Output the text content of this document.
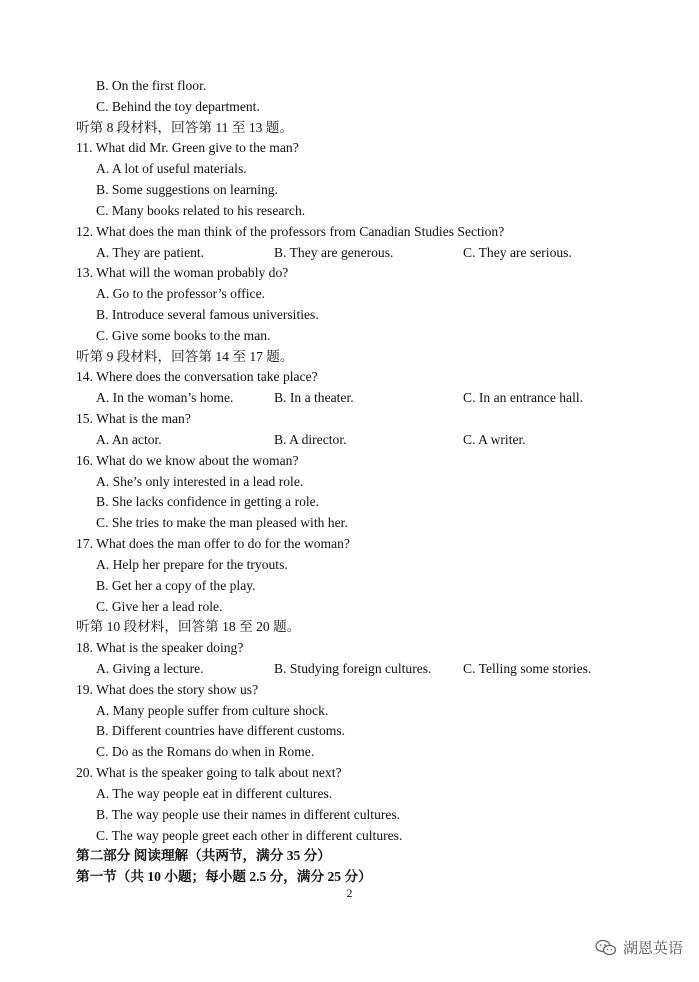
B. On the first floor.
C. Behind the toy department.
听第 8 段材料，回答第 11 至 13 题。
11. What did Mr. Green give to the man?
A. A lot of useful materials.
B. Some suggestions on learning.
C. Many books related to his research.
12. What does the man think of the professors from Canadian Studies Section?
A. They are patient.	B. They are generous.	C. They are serious.
13. What will the woman probably do?
A. Go to the professor’s office.
B. Introduce several famous universities.
C. Give some books to the man.
听第 9 段材料，回答第 14 至 17 题。
14. Where does the conversation take place?
A. In the woman’s home.	B. In a theater.	C. In an entrance hall.
15. What is the man?
A. An actor.	B. A director.	C. A writer.
16. What do we know about the woman?
A. She’s only interested in a lead role.
B. She lacks confidence in getting a role.
C. She tries to make the man pleased with her.
17. What does the man offer to do for the woman?
A. Help her prepare for the tryouts.
B. Get her a copy of the play.
C. Give her a lead role.
听第 10 段材料，回答第 18 至 20 题。
18. What is the speaker doing?
A. Giving a lecture.	B. Studying foreign cultures. C. Telling some stories.
19. What does the story show us?
A. Many people suffer from culture shock.
B. Different countries have different customs.
C. Do as the Romans do when in Rome.
20. What is the speaker going to talk about next?
A. The way people eat in different cultures.
B. The way people use their names in different cultures.
C. The way people greet each other in different cultures.
第二部分 阅读理解（共两节，满分 35 分）
第一节（共 10 小题；每小题 2.5 分，满分 25 分）
2
湖恩英语
